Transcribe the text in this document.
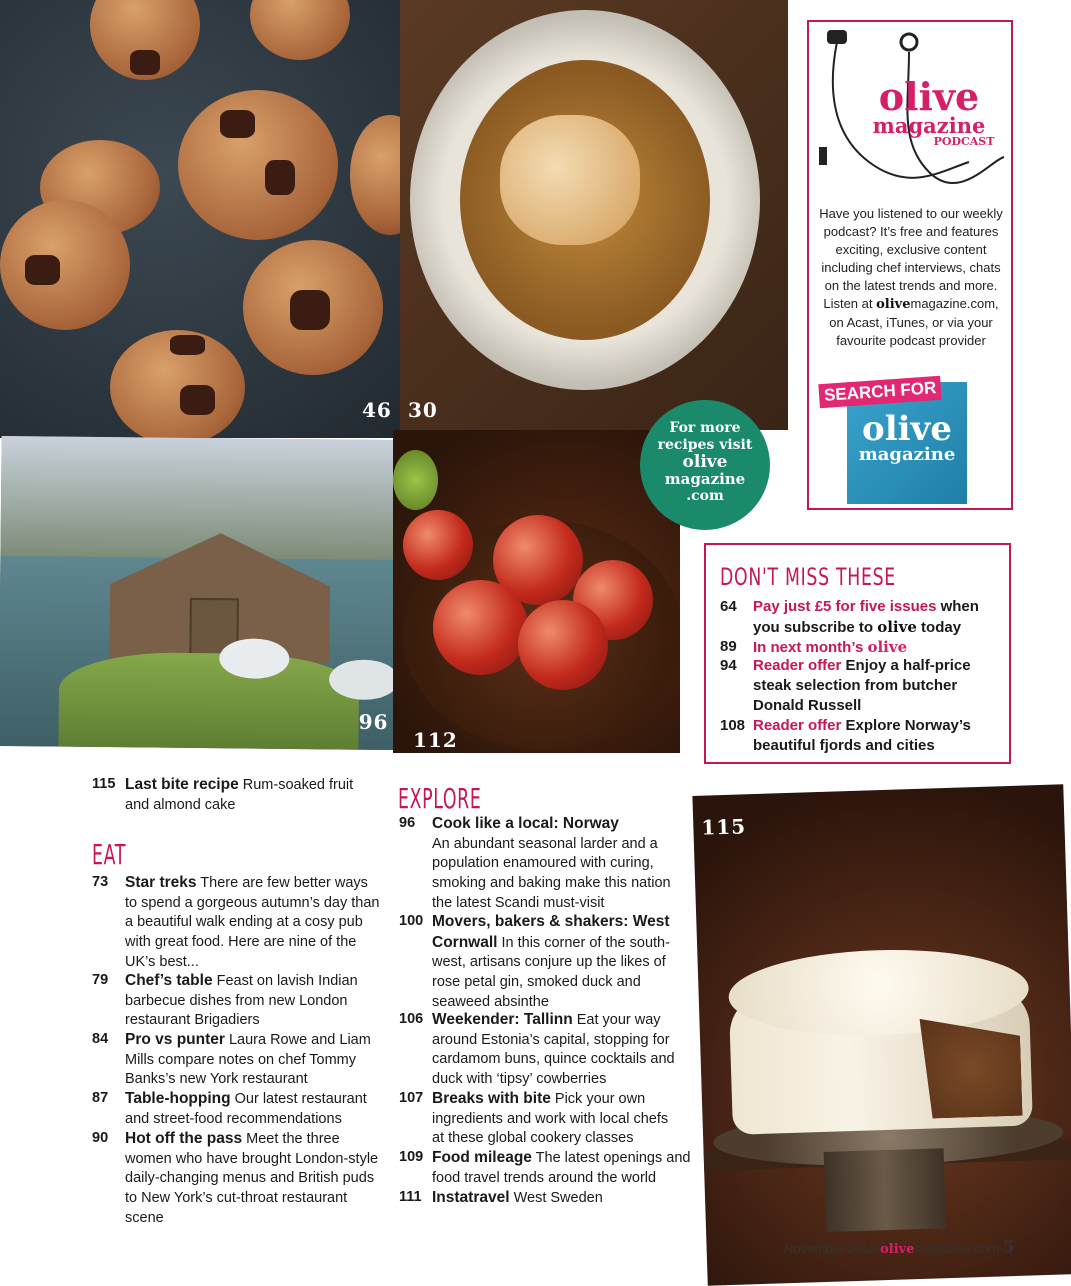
46 30
96
112
115
For more
recipes visit
olive
magazine
.com
olive
magazine
PODCAST
Have you listened to our weekly podcast? It’s free and features exciting, exclusive content including chef interviews, chats on the latest trends and more. Listen at olivemagazine.com, on Acast, iTunes, or via your favourite podcast provider
olive
magazine
SEARCH FOR
DON'T MISS THESE
64 Pay just £5 for five issues when you subscribe to olive today
89 In next month’s olive
94 Reader offer Enjoy a half-price steak selection from butcher Donald Russell
108 Reader offer Explore Norway’s beautiful fjords and cities
115 Last bite recipe Rum-soaked fruit and almond cake
EAT
73 Star treks There are few better ways to spend a gorgeous autumn’s day than a beautiful walk ending at a cosy pub with great food. Here are nine of the UK’s best...
79 Chef’s table Feast on lavish Indian barbecue dishes from new London restaurant Brigadiers
84 Pro vs punter Laura Rowe and Liam Mills compare notes on chef Tommy Banks’s new York restaurant
87 Table-hopping Our latest restaurant and street-food recommendations
90 Hot off the pass Meet the three women who have brought London-style daily-changing menus and British puds to New York’s cut-throat restaurant scene
EXPLORE
96 Cook like a local: Norway
An abundant seasonal larder and a population enamoured with curing, smoking and baking make this nation the latest Scandi must-visit
100 Movers, bakers & shakers: West Cornwall In this corner of the south-west, artisans conjure up the likes of rose petal gin, smoked duck and seaweed absinthe
106 Weekender: Tallinn Eat your way around Estonia’s capital, stopping for cardamom buns, quince cocktails and duck with ‘tipsy’ cowberries
107 Breaks with bite Pick your own ingredients and work with local chefs at these global cookery classes
109 Food mileage The latest openings and food travel trends around the world
111 Instatravel West Sweden
November 2018 olivemagazine.com 5
